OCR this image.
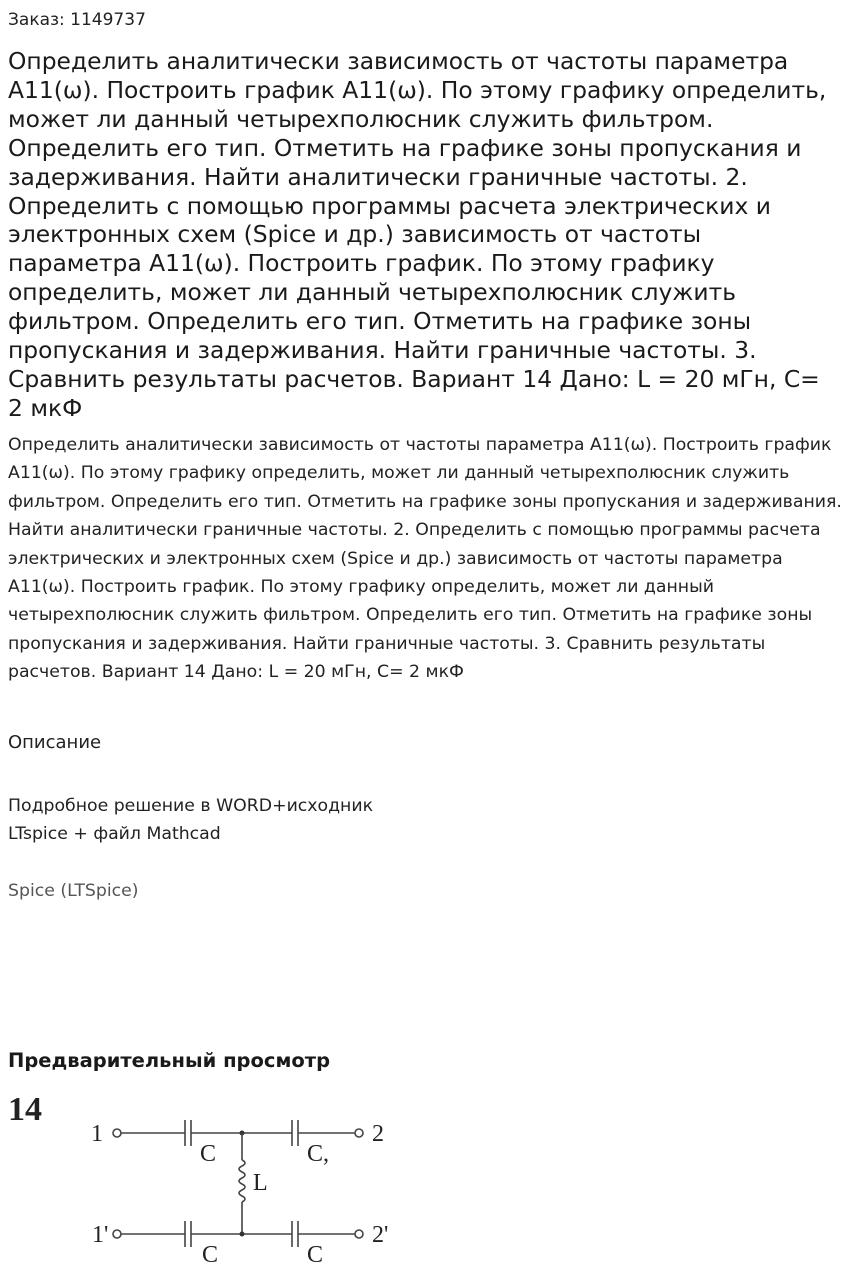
Заказ: 1149737
Определить аналитически зависимость от частоты параметра A11(ω). Построить график A11(ω). По этому графику определить, может ли данный четырехполюсник служить фильтром. Определить его тип. Отметить на графике зоны пропускания и задерживания. Найти аналитически граничные частоты. 2. Определить с помощью программы расчета электрических и электронных схем (Spice и др.) зависимость от частоты параметра A11(ω). Построить график. По этому графику определить, может ли данный четырехполюсник служить фильтром. Определить его тип. Отметить на графике зоны пропускания и задерживания. Найти граничные частоты. 3. Сравнить результаты расчетов. Вариант 14 Дано: L = 20 мГн, C= 2 мкФ

Определить аналитически зависимость от частоты параметра A11(ω). Построить график A11(ω). По этому графику определить, может ли данный четырехполюсник служить фильтром. Определить его тип. Отметить на графике зоны пропускания и задерживания. Найти аналитически граничные частоты. 2. Определить с помощью программы расчета электрических и электронных схем (Spice и др.) зависимость от частоты параметра A11(ω). Построить график. По этому графику определить, может ли данный четырехполюсник служить фильтром. Определить его тип. Отметить на графике зоны пропускания и задерживания. Найти граничные частоты. 3. Сравнить результаты расчетов. Вариант 14 Дано: L = 20 мГн, C= 2 мкФ

Описание
Подробное решение в WORD+исходник
LTspice + файл Mathcad
Spice (LTSpice)
Предварительный просмотр
14
1	2
1'	2'
C	C,
L
C	C
